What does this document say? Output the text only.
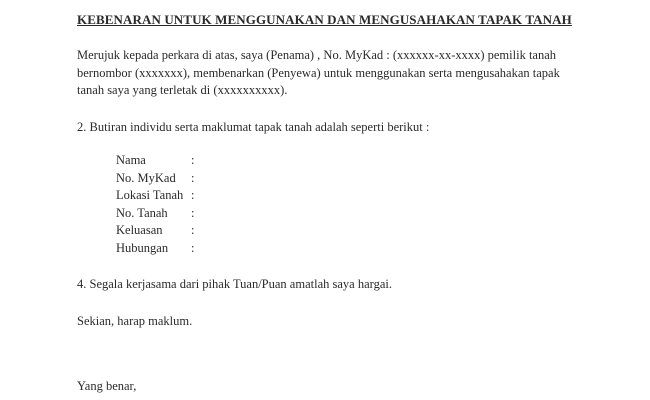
KEBENARAN UNTUK MENGGUNAKAN DAN MENGUSAHAKAN TAPAK TANAH
Merujuk kepada perkara di atas, saya (Penama) , No. MyKad : (xxxxxx-xx-xxxx) pemilik tanah
bernombor (xxxxxxx), membenarkan (Penyewa) untuk menggunakan serta mengusahakan tapak
tanah saya yang terletak di (xxxxxxxxxx).
2. Butiran individu serta maklumat tapak tanah adalah seperti berikut :
Nama	:
No. MyKad	:
Lokasi Tanah :
No. Tanah	:
Keluasan	:
Hubungan	:
4. Segala kerjasama dari pihak Tuan/Puan amatlah saya hargai.
Sekian, harap maklum.
Yang benar,
